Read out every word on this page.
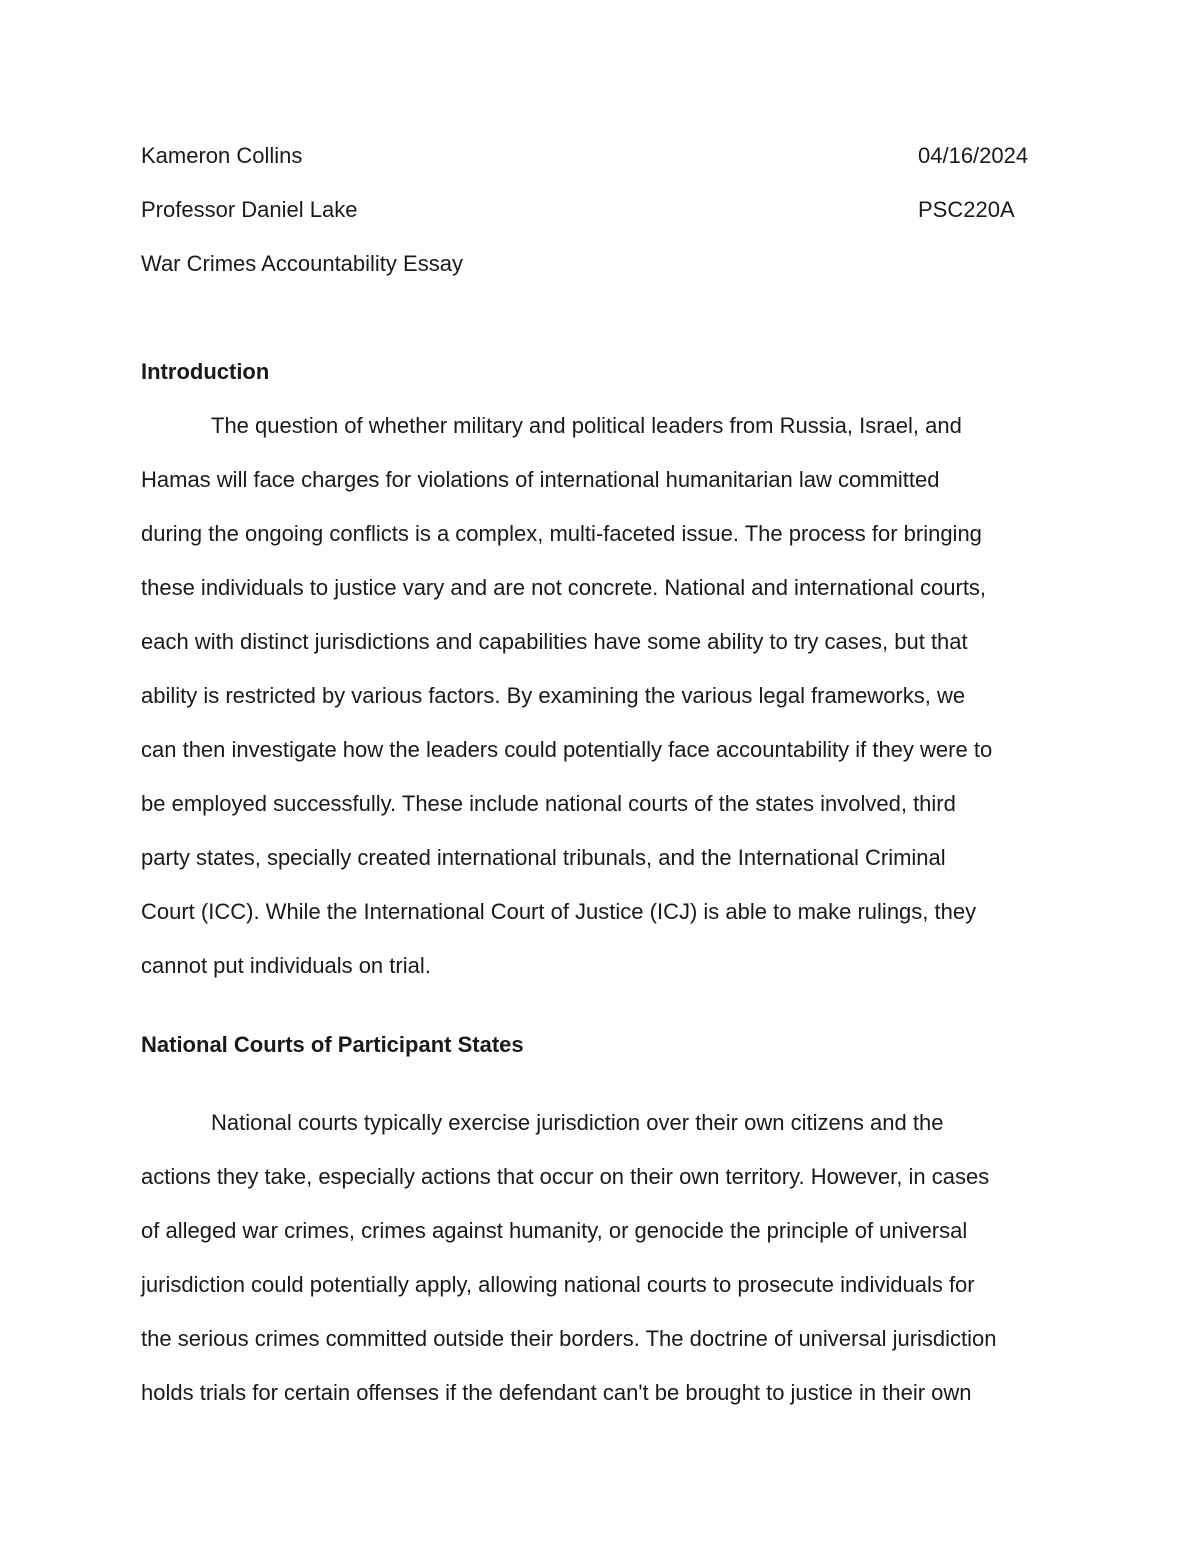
Kameron Collins	04/16/2024
Professor Daniel Lake	PSC220A
War Crimes Accountability Essay
Introduction
The question of whether military and political leaders from Russia, Israel, and
Hamas will face charges for violations of international humanitarian law committed
during the ongoing conflicts is a complex, multi-faceted issue. The process for bringing
these individuals to justice vary and are not concrete. National and international courts,
each with distinct jurisdictions and capabilities have some ability to try cases, but that
ability is restricted by various factors. By examining the various legal frameworks, we
can then investigate how the leaders could potentially face accountability if they were to
be employed successfully. These include national courts of the states involved, third
party states, specially created international tribunals, and the International Criminal
Court (ICC). While the International Court of Justice (ICJ) is able to make rulings, they
cannot put individuals on trial.
National Courts of Participant States
National courts typically exercise jurisdiction over their own citizens and the
actions they take, especially actions that occur on their own territory. However, in cases
of alleged war crimes, crimes against humanity, or genocide the principle of universal
jurisdiction could potentially apply, allowing national courts to prosecute individuals for
the serious crimes committed outside their borders. The doctrine of universal jurisdiction
holds trials for certain offenses if the defendant can't be brought to justice in their own
